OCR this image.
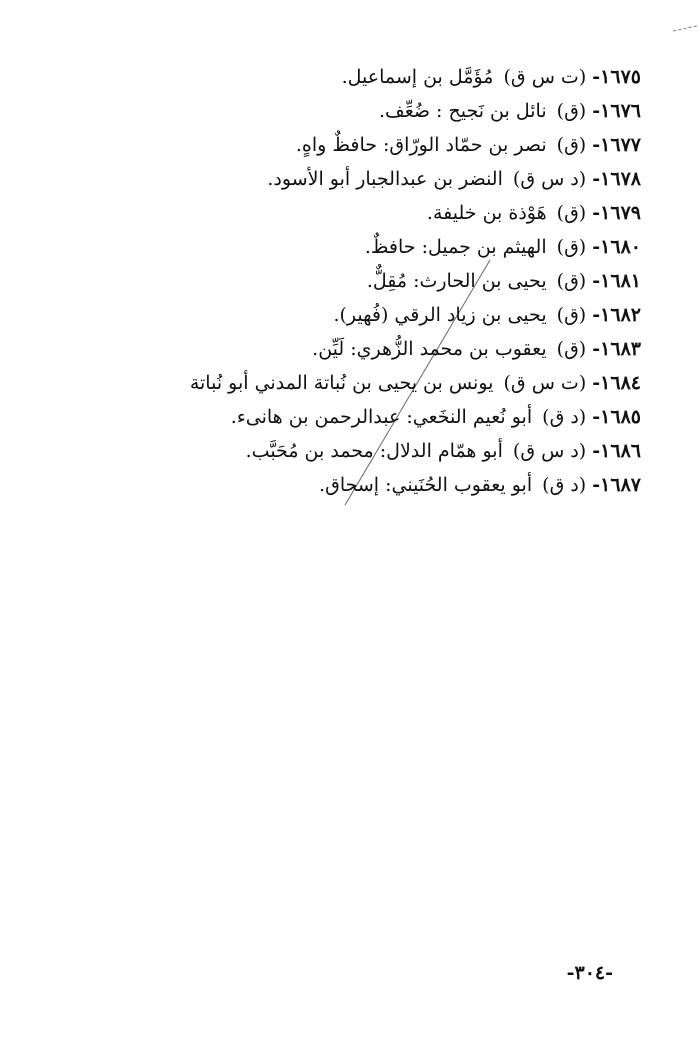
١٦٧٥- (ت س ق) مُؤَمَّل بن إسماعيل.
١٦٧٦- (ق) نائل بن نَجيح : ضُعِّف.
١٦٧٧- (ق) نصر بن حمّاد الورّاق: حافظٌ واهٍ.
١٦٧٨- (د س ق) النضر بن عبدالجبار أبو الأسود.
١٦٧٩- (ق) هَوْذة بن خليفة.
١٦٨٠- (ق) الهيثم بن جميل: حافظٌ.
١٦٨١- (ق) يحيى بن الحارث: مُقِلٌّ.
١٦٨٢- (ق) يحيى بن زياد الرقي (فُهير).
١٦٨٣- (ق) يعقوب بن محمد الزُّهري: لَيِّن.
١٦٨٤- (ت س ق) يونس بن يحيى بن نُباتة المدني أبو نُباتة
١٦٨٥- (د ق) أبو نُعيم النخَعي: عبدالرحمن بن هانىء.
١٦٨٦- (د س ق) أبو همّام الدلال: محمد بن مُحَبَّب.
١٦٨٧- (د ق) أبو يعقوب الحُنَيني: إسحاق.
-٣٠٤-
